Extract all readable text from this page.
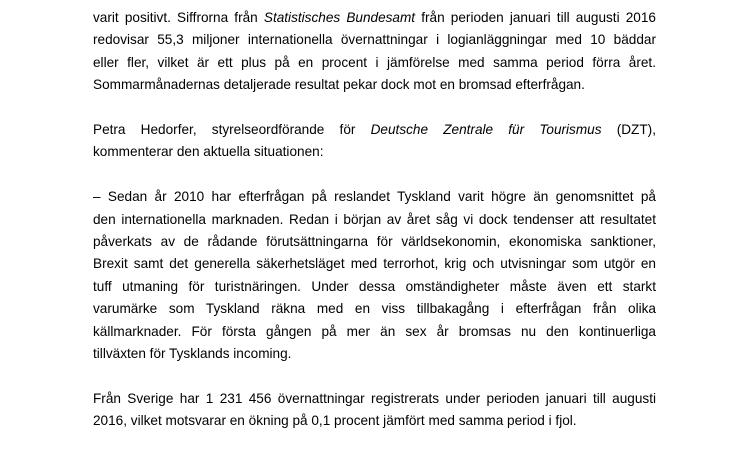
varit positivt. Siffrorna från Statistisches Bundesamt från perioden januari till augusti 2016
redovisar 55,3 miljoner internationella övernattningar i logianläggningar med 10 bäddar
eller fler, vilket är ett plus på en procent i jämförelse med samma period förra året.
Sommarmånadernas detaljerade resultat pekar dock mot en bromsad efterfrågan.

Petra Hedorfer, styrelseordförande för Deutsche Zentrale für Tourismus (DZT),
kommenterar den aktuella situationen:

– Sedan år 2010 har efterfrågan på reslandet Tyskland varit högre än genomsnittet på
den internationella marknaden. Redan i början av året såg vi dock tendenser att resultatet
påverkats av de rådande förutsättningarna för världsekonomin, ekonomiska sanktioner,
Brexit samt det generella säkerhetsläget med terrorhot, krig och utvisningar som utgör en
tuff utmaning för turistnäringen. Under dessa omständigheter måste även ett starkt
varumärke som Tyskland räkna med en viss tillbakagång i efterfrågan från olika
källmarknader. För första gången på mer än sex år bromsas nu den kontinuerliga
tillväxten för Tysklands incoming.

Från Sverige har 1 231 456 övernattningar registrerats under perioden januari till augusti
2016, vilket motsvarar en ökning på 0,1 procent jämfört med samma period i fjol.
